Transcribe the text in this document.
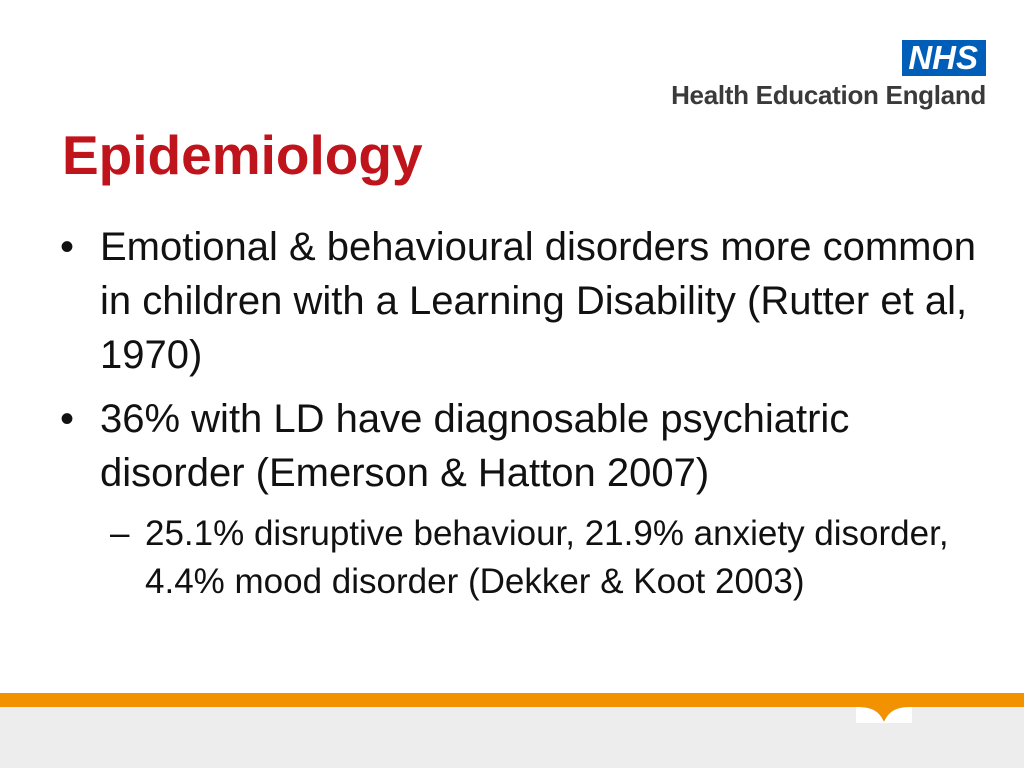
NHS
Health Education England
Epidemiology
• Emotional & behavioural disorders more common in children with a Learning Disability (Rutter et al, 1970)
• 36% with LD have diagnosable psychiatric disorder (Emerson & Hatton 2007)
– 25.1% disruptive behaviour, 21.9% anxiety disorder, 4.4% mood disorder (Dekker & Koot 2003)
